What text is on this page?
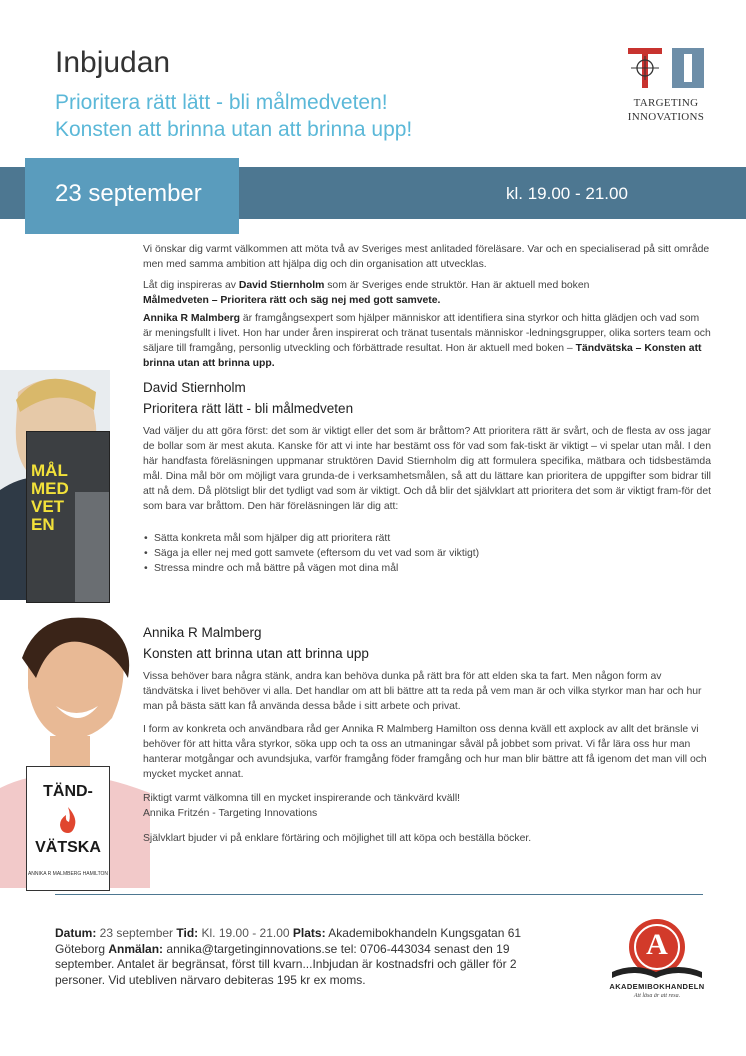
Inbjudan
Prioritera rätt lätt - bli målmedveten!
Konsten att brinna utan att brinna upp!
TARGETING
INNOVATIONS
23 september	kl. 19.00 - 21.00
Vi önskar dig varmt välkommen att möta två av Sveriges mest anlitaded föreläsare. Var och en specialiserad på sitt område men med samma ambition att hjälpa dig och din organisation att utvecklas.
Låt dig inspireras av David Stiernholm som är Sveriges ende struktör. Han är aktuell med boken
Målmedveten – Prioritera rätt och säg nej med gott samvete.
Annika R Malmberg är framgångsexpert som hjälper människor att identifiera sina styrkor och hitta glädjen och vad som är meningsfullt i livet. Hon har under åren inspirerat och tränat tusentals människor -ledningsgrupper, olika sorters team och säljare till framgång, personlig utveckling och förbättrade resultat. Hon är aktuell med boken – Tändvätska – Konsten att brinna utan att brinna upp.
MÅLMEDVETEN
David Stiernholm
Prioritera rätt lätt - bli målmedveten
Vad väljer du att göra först: det som är viktigt eller det som är bråttom? Att prioritera rätt är svårt, och de flesta av oss jagar de bollar som är mest akuta. Kanske för att vi inte har bestämt oss för vad som fak-tiskt är viktigt – vi spelar utan mål. I den här handfasta föreläsningen uppmanar struktören David Stiernholm dig att formulera specifika, mätbara och tidsbestämda mål. Dina mål bör om möjligt vara grunda-de i verksamhetsmålen, så att du lättare kan prioritera de uppgifter som bidrar till att nå dem. Då plötsligt blir det tydligt vad som är viktigt. Och då blir det självklart att prioritera det som är viktigt fram-för det som bara var bråttom. Den här föreläsningen lär dig att:
• Sätta konkreta mål som hjälper dig att prioritera rätt
• Säga ja eller nej med gott samvete (eftersom du vet vad som är viktigt)
• Stressa mindre och må bättre på vägen mot dina mål
TÄND-
VÄTSKA
ANNIKA R MALMBERG HAMILTON
Annika R Malmberg
Konsten att brinna utan att brinna upp
Vissa behöver bara några stänk, andra kan behöva dunka på rätt bra för att elden ska ta fart. Men någon form av tändvätska i livet behöver vi alla. Det handlar om att bli bättre att ta reda på vem man är och vilka styrkor man har och hur man på bästa sätt kan få använda dessa både i sitt arbete och privat.
I form av konkreta och användbara råd ger Annika R Malmberg Hamilton oss denna kväll ett axplock av allt det bränsle vi behöver för att hitta våra styrkor, söka upp och ta oss an utmaningar såväl på jobbet som privat. Vi får lära oss hur man hanterar motgångar och avundsjuka, varför framgång föder framgång och hur man blir bättre att få igenom det man vill och mycket mycket annat.
Riktigt varmt välkomna till en mycket inspirerande och tänkvärd kväll!
Annika Fritzén - Targeting Innovations
Självklart bjuder vi på enklare förtäring och möjlighet till att köpa och beställa böcker.
Datum: 23 september Tid: Kl. 19.00 - 21.00 Plats: Akademibokhandeln Kungsgatan 61 Göteborg Anmälan: annika@targetinginnovations.se tel: 0706-443034 senast den 19 september. Antalet är begränsat, först till kvarn...Inbjudan är kostnadsfri och gäller för 2 personer. Vid utebliven närvaro debiteras 195 kr ex moms.
A
AKADEMIBOKHANDELN
Att läsa är att resa.
